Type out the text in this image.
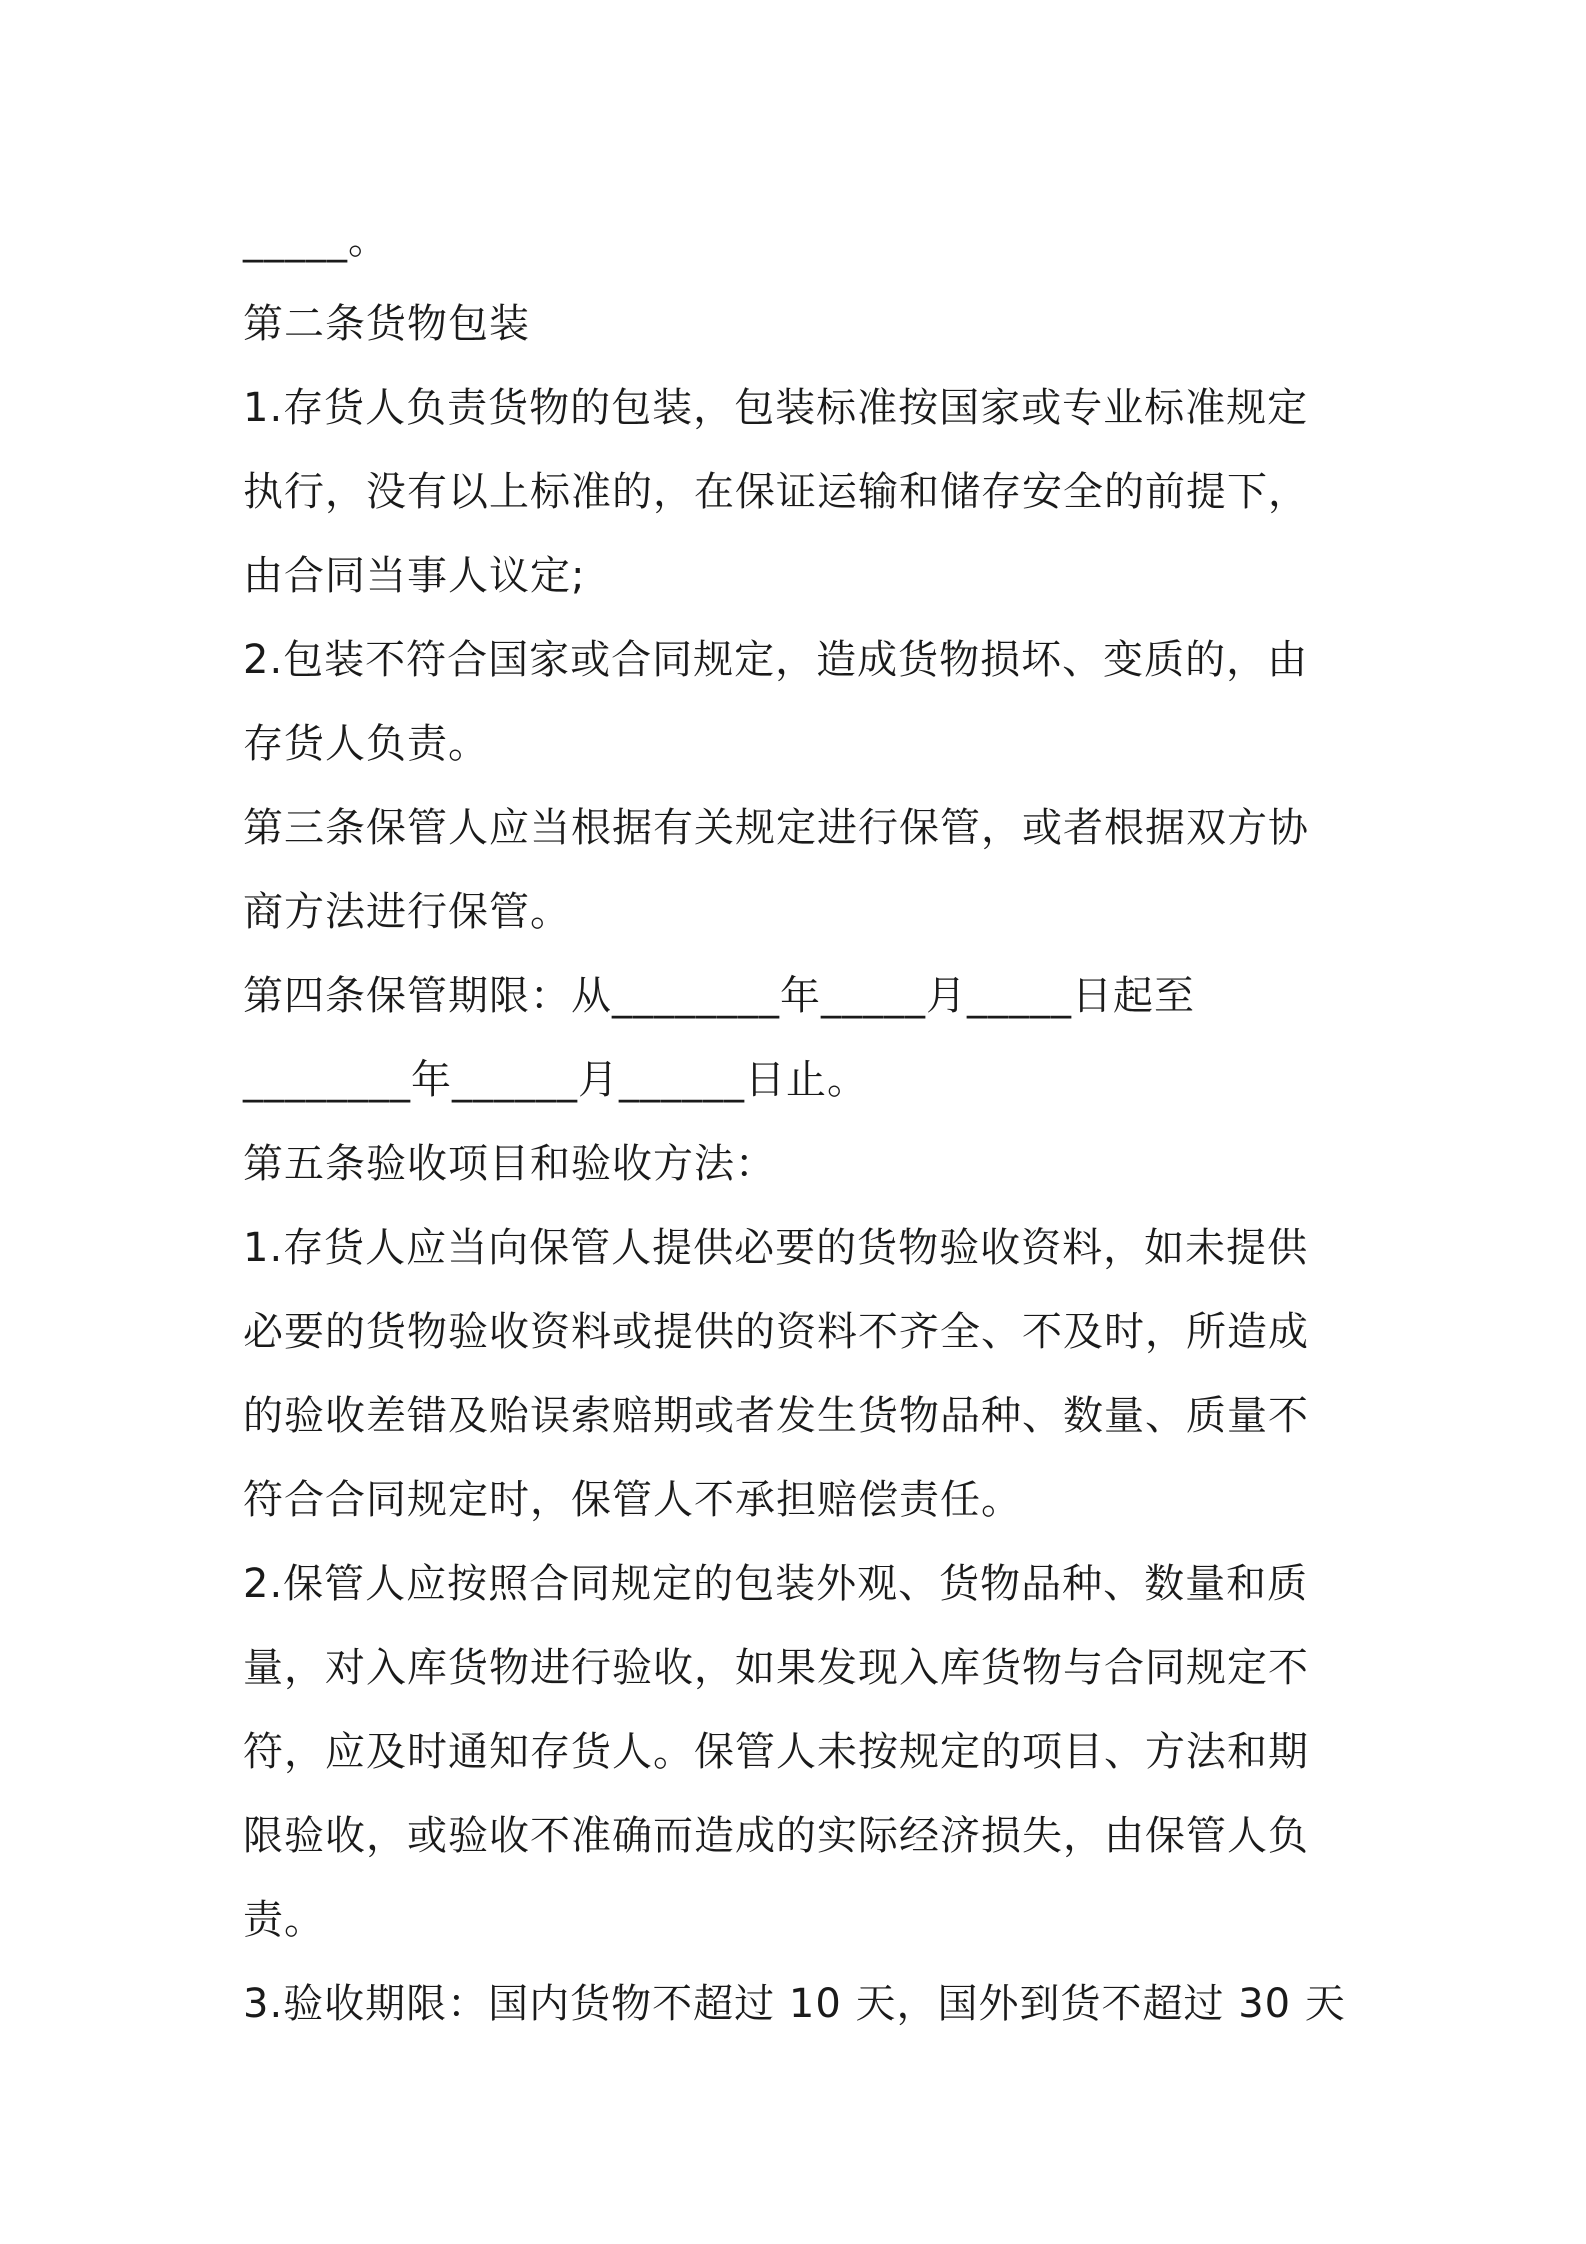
_____。
第二条货物包装
1.存货人负责货物的包装，包装标准按国家或专业标准规定
执行，没有以上标准的，在保证运输和储存安全的前提下，
由合同当事人议定;
2.包装不符合国家或合同规定，造成货物损坏、变质的，由
存货人负责。
第三条保管人应当根据有关规定进行保管，或者根据双方协
商方法进行保管。
第四条保管期限：从________年_____月_____日起至
________年______月______日止。
第五条验收项目和验收方法：
1.存货人应当向保管人提供必要的货物验收资料，如未提供
必要的货物验收资料或提供的资料不齐全、不及时，所造成
的验收差错及贻误索赔期或者发生货物品种、数量、质量不
符合合同规定时，保管人不承担赔偿责任。
2.保管人应按照合同规定的包装外观、货物品种、数量和质
量，对入库货物进行验收，如果发现入库货物与合同规定不
符，应及时通知存货人。保管人未按规定的项目、方法和期
限验收，或验收不准确而造成的实际经济损失，由保管人负
责。
3.验收期限：国内货物不超过 10 天，国外到货不超过 30 天
